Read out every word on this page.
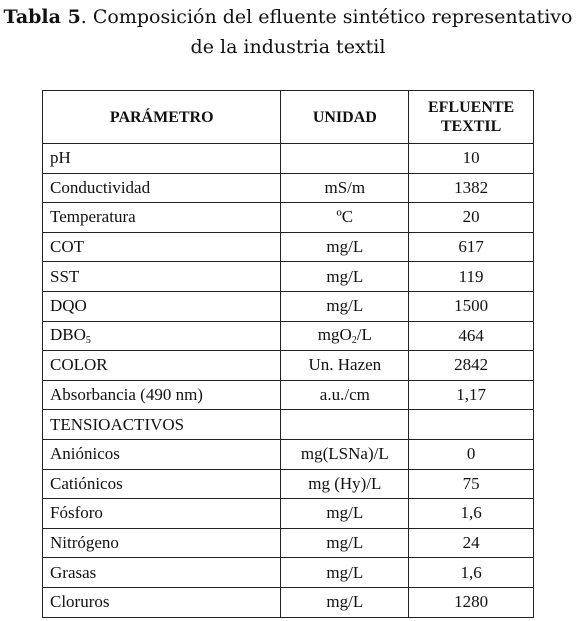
Tabla 5. Composición del efluente sintético representativo
de la industria textil
PARÁMETRO	UNIDAD	EFLUENTE
TEXTIL
pH		10
Conductividad	mS/m	1382
Temperatura	ºC	20
COT	mg/L	617
SST	mg/L	119
DQO	mg/L	1500
$DBO_5$	mgO$_2$/L	464
COLOR	Un. Hazen	2842
Absorbancia (490 nm)	a.u./cm	1,17
TENSIOACTIVOS		
Aniónicos	mg(LSNa)/L	0
Catiónicos	mg (Hy)/L	75
Fósforo	mg/L	1,6
Nitrógeno	mg/L	24
Grasas	mg/L	1,6
Cloruros	mg/L	1280
